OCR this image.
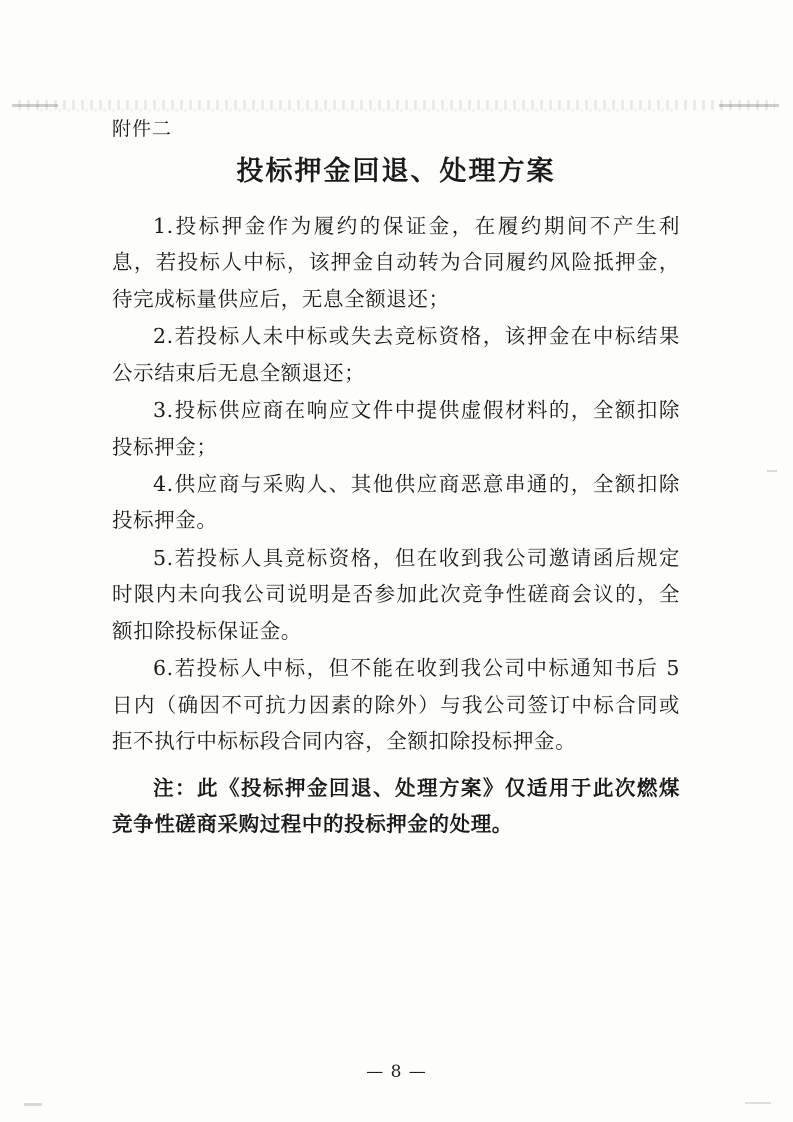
附件二
投标押金回退、处理方案

1.投标押金作为履约的保证金，在履约期间不产生利息，若投标人中标，该押金自动转为合同履约风险抵押金，待完成标量供应后，无息全额退还；

2.若投标人未中标或失去竞标资格，该押金在中标结果公示结束后无息全额退还；

3.投标供应商在响应文件中提供虚假材料的，全额扣除投标押金；

4.供应商与采购人、其他供应商恶意串通的，全额扣除投标押金。

5.若投标人具竞标资格，但在收到我公司邀请函后规定时限内未向我公司说明是否参加此次竞争性磋商会议的，全额扣除投标保证金。

6.若投标人中标，但不能在收到我公司中标通知书后 5 日内（确因不可抗力因素的除外）与我公司签订中标合同或拒不执行中标标段合同内容，全额扣除投标押金。

注：此《投标押金回退、处理方案》仅适用于此次燃煤竞争性磋商采购过程中的投标押金的处理。

— 8 —
